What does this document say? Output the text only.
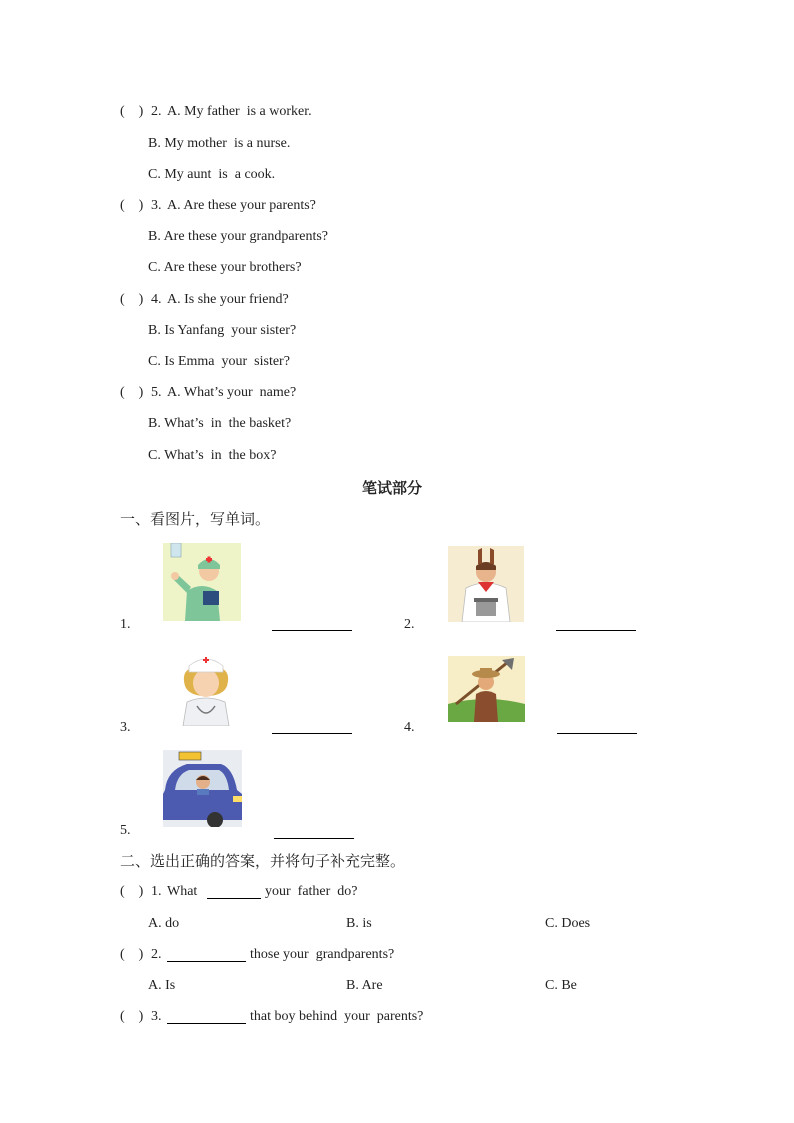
(    ) 2. A. My father  is a worker.
B. My mother  is a nurse.
C. My aunt  is  a cook.
(    ) 3. A. Are these your parents?
B. Are these your grandparents?
C. Are these your brothers?
(    ) 4. A. Is she your friend?
B. Is Yanfang  your sister?
C. Is Emma  your  sister?
(    ) 5. A. What’s your  name?
B. What’s  in  the basket?
C. What’s  in  the box?
笔试部分
一、看图片，写单词。
1.	2.
3.	4.
5.
二、选出正确的答案，并将句子补充完整。
(    ) 1. What	your  father  do?
A. do	B. is	C. Does
(    ) 2.	those your  grandparents?
A. Is	B. Are	C. Be
(    ) 3.	that boy behind  your  parents?
